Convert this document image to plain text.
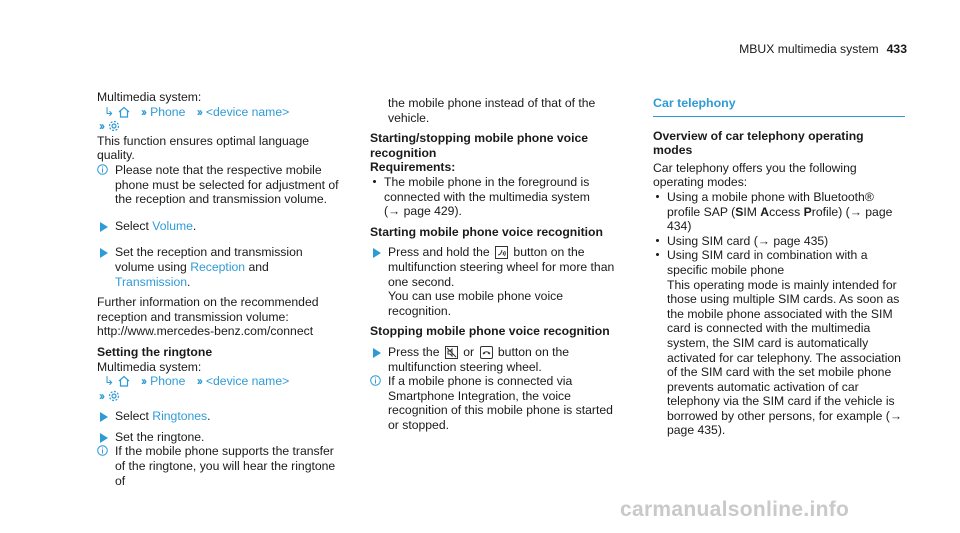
MBUX multimedia system 433

Multimedia system:

↳ ›› Phone ›› <device name>

››

This function ensures optimal language quality.

Please note that the respective mobile phone must be selected for adjustment of the reception and transmission volume.
Select Volume.
Set the reception and transmission volume using Reception and Transmission.

Further information on the recommended reception and transmission volume: http://www.mercedes-benz.com/connect

Setting the ringtone

Multimedia system:

↳ ›› Phone ›› <device name>

››

Select Ringtones.
Set the ringtone.
If the mobile phone supports the transfer of the ringtone, you will hear the ringtone of

the mobile phone instead of that of the vehicle.

Starting/stopping mobile phone voice recognition

Requirements:

The mobile phone in the foreground is connected with the multimedia system
(→ page 429).

Starting mobile phone voice recognition

Press and hold the button on the multifunction steering wheel for more than one second.
You can use mobile phone voice recognition.

Stopping mobile phone voice recognition

Press the or button on the multifunction steering wheel.
If a mobile phone is connected via Smartphone Integration, the voice recognition of this mobile phone is started or stopped.
Car telephony

Overview of car telephony operating modes

Car telephony offers you the following operating modes:

Using a mobile phone with Bluetooth® profile SAP (SIM Access Profile) (→ page 434)
Using SIM card (→ page 435)
Using SIM card in combination with a specific mobile phone

This operating mode is mainly intended for those using multiple SIM cards. As soon as the mobile phone associated with the SIM card is connected with the multimedia system, the SIM card is automatically activated for car telephony. The association of the SIM card with the set mobile phone prevents automatic activation of car telephony via the SIM card if the vehicle is borrowed by other persons, for example (→ page 435).

carmanualsonline.info
